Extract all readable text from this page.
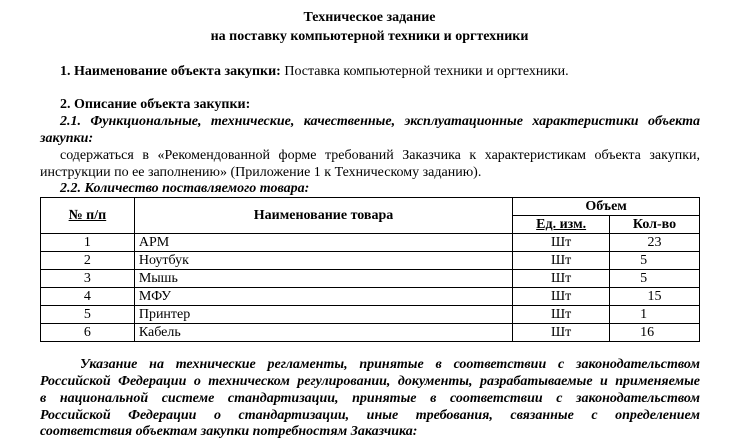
Техническое задание
на поставку компьютерной техники и оргтехники
1. Наименование объекта закупки: Поставка компьютерной техники и оргтехники.
2. Описание объекта закупки:
2.1. Функциональные, технические, качественные, эксплуатационные характеристики объекта
закупки:
содержаться в «Рекомендованной форме требований Заказчика к характеристикам объекта закупки,
инструкции по ее заполнению» (Приложение 1 к Техническому заданию).
2.2. Количество поставляемого товара:
№ п/п	Наименование товара	Объем	
		Ед. изм.	Кол-во
1	АРМ	Шт	23
2	Ноутбук	Шт	5
3	Мышь	Шт	5
4	МФУ	Шт	15
5	Принтер	Шт	1
6	Кабель	Шт	16
Указание на технические регламенты, принятые в соответствии с законодательством
Российской Федерации о техническом регулировании, документы, разрабатываемые и применяемые
в национальной системе стандартизации, принятые в соответствии с законодательством
Российской Федерации о стандартизации, иные требования, связанные с определением
соответствия объектам закупки потребностям Заказчика:
